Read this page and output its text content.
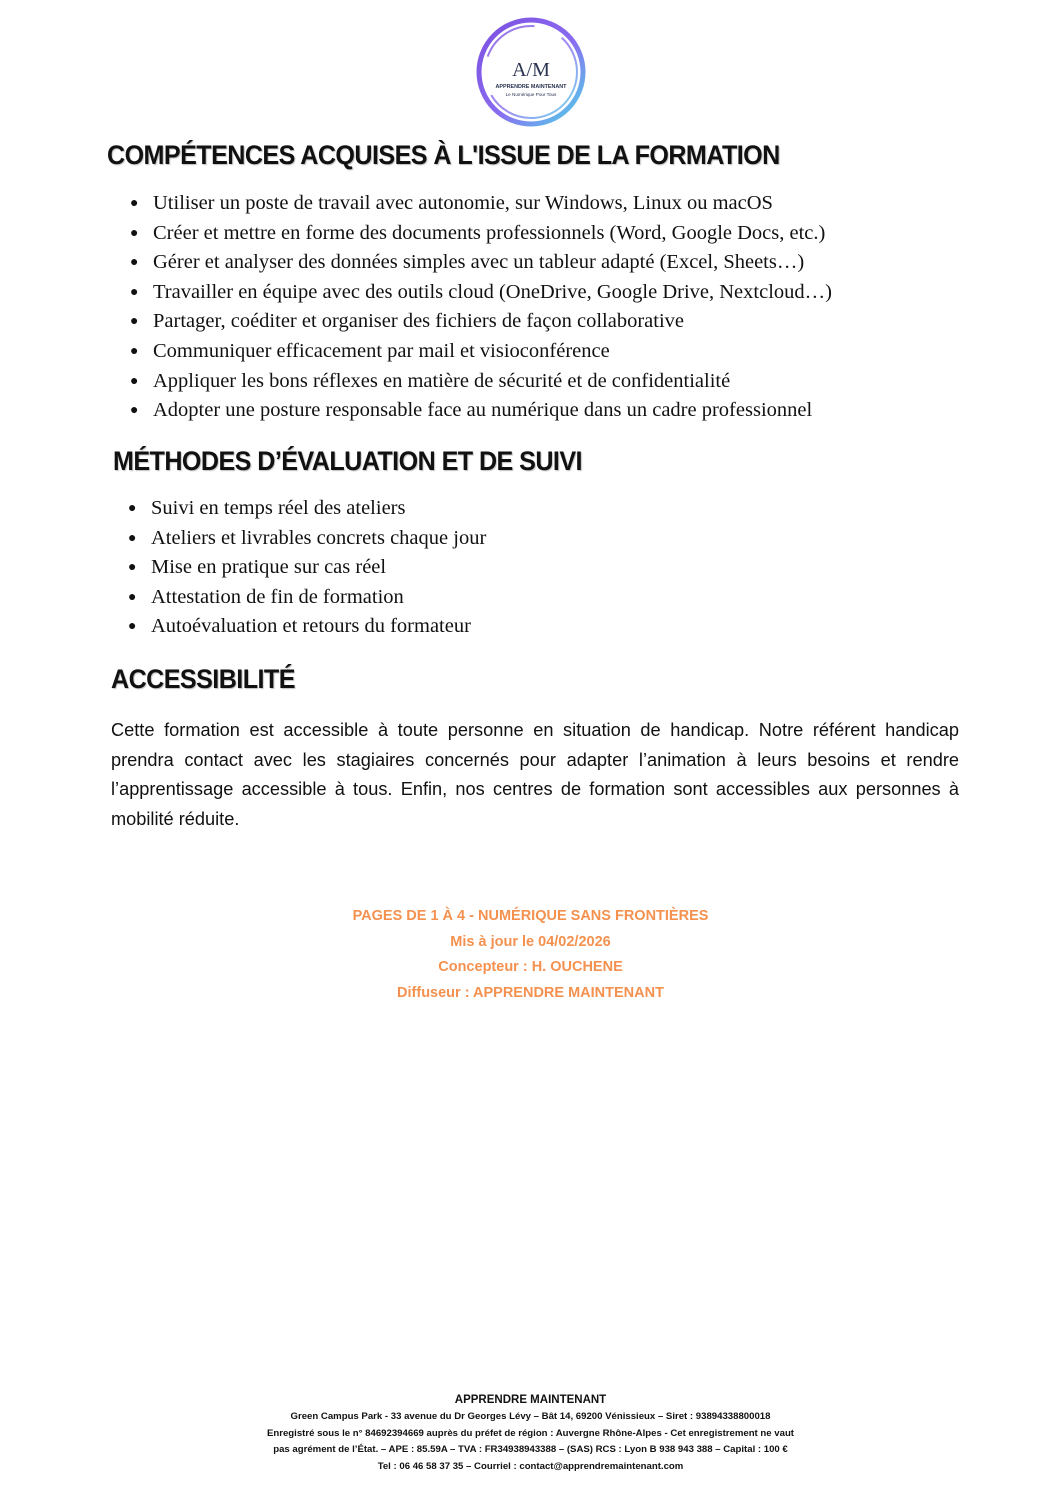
A/M
APPRENDRE MAINTENANT
Le Numérique Pour Tous
COMPÉTENCES ACQUISES À L'ISSUE DE LA FORMATION
● Utiliser un poste de travail avec autonomie, sur Windows, Linux ou macOS
● Créer et mettre en forme des documents professionnels (Word, Google Docs, etc.)
● Gérer et analyser des données simples avec un tableur adapté (Excel, Sheets…)
● Travailler en équipe avec des outils cloud (OneDrive, Google Drive, Nextcloud…)
● Partager, coéditer et organiser des fichiers de façon collaborative
● Communiquer efficacement par mail et visioconférence
● Appliquer les bons réflexes en matière de sécurité et de confidentialité
● Adopter une posture responsable face au numérique dans un cadre professionnel
MÉTHODES D’ÉVALUATION ET DE SUIVI
● Suivi en temps réel des ateliers
● Ateliers et livrables concrets chaque jour
● Mise en pratique sur cas réel
● Attestation de fin de formation
● Autoévaluation et retours du formateur
ACCESSIBILITÉ

Cette formation est accessible à toute personne en situation de handicap. Notre référent handicap prendra contact avec les stagiaires concernés pour adapter l’animation à leurs besoins et rendre l’apprentissage accessible à tous. Enfin, nos centres de formation sont accessibles aux personnes à mobilité réduite.

PAGES DE 1 À 4 - NUMÉRIQUE SANS FRONTIÈRES
Mis à jour le 04/02/2026
Concepteur : H. OUCHENE
Diffuseur : APPRENDRE MAINTENANT
APPRENDRE MAINTENANT
Green Campus Park - 33 avenue du Dr Georges Lévy – Bât 14, 69200 Vénissieux – Siret : 93894338800018
Enregistré sous le n° 84692394669 auprès du préfet de région : Auvergne Rhône-Alpes - Cet enregistrement ne vaut
pas agrément de l’État. – APE : 85.59A – TVA : FR34938943388 – (SAS) RCS : Lyon B 938 943 388 – Capital : 100 €
Tel : 06 46 58 37 35 – Courriel : contact@apprendremaintenant.com
